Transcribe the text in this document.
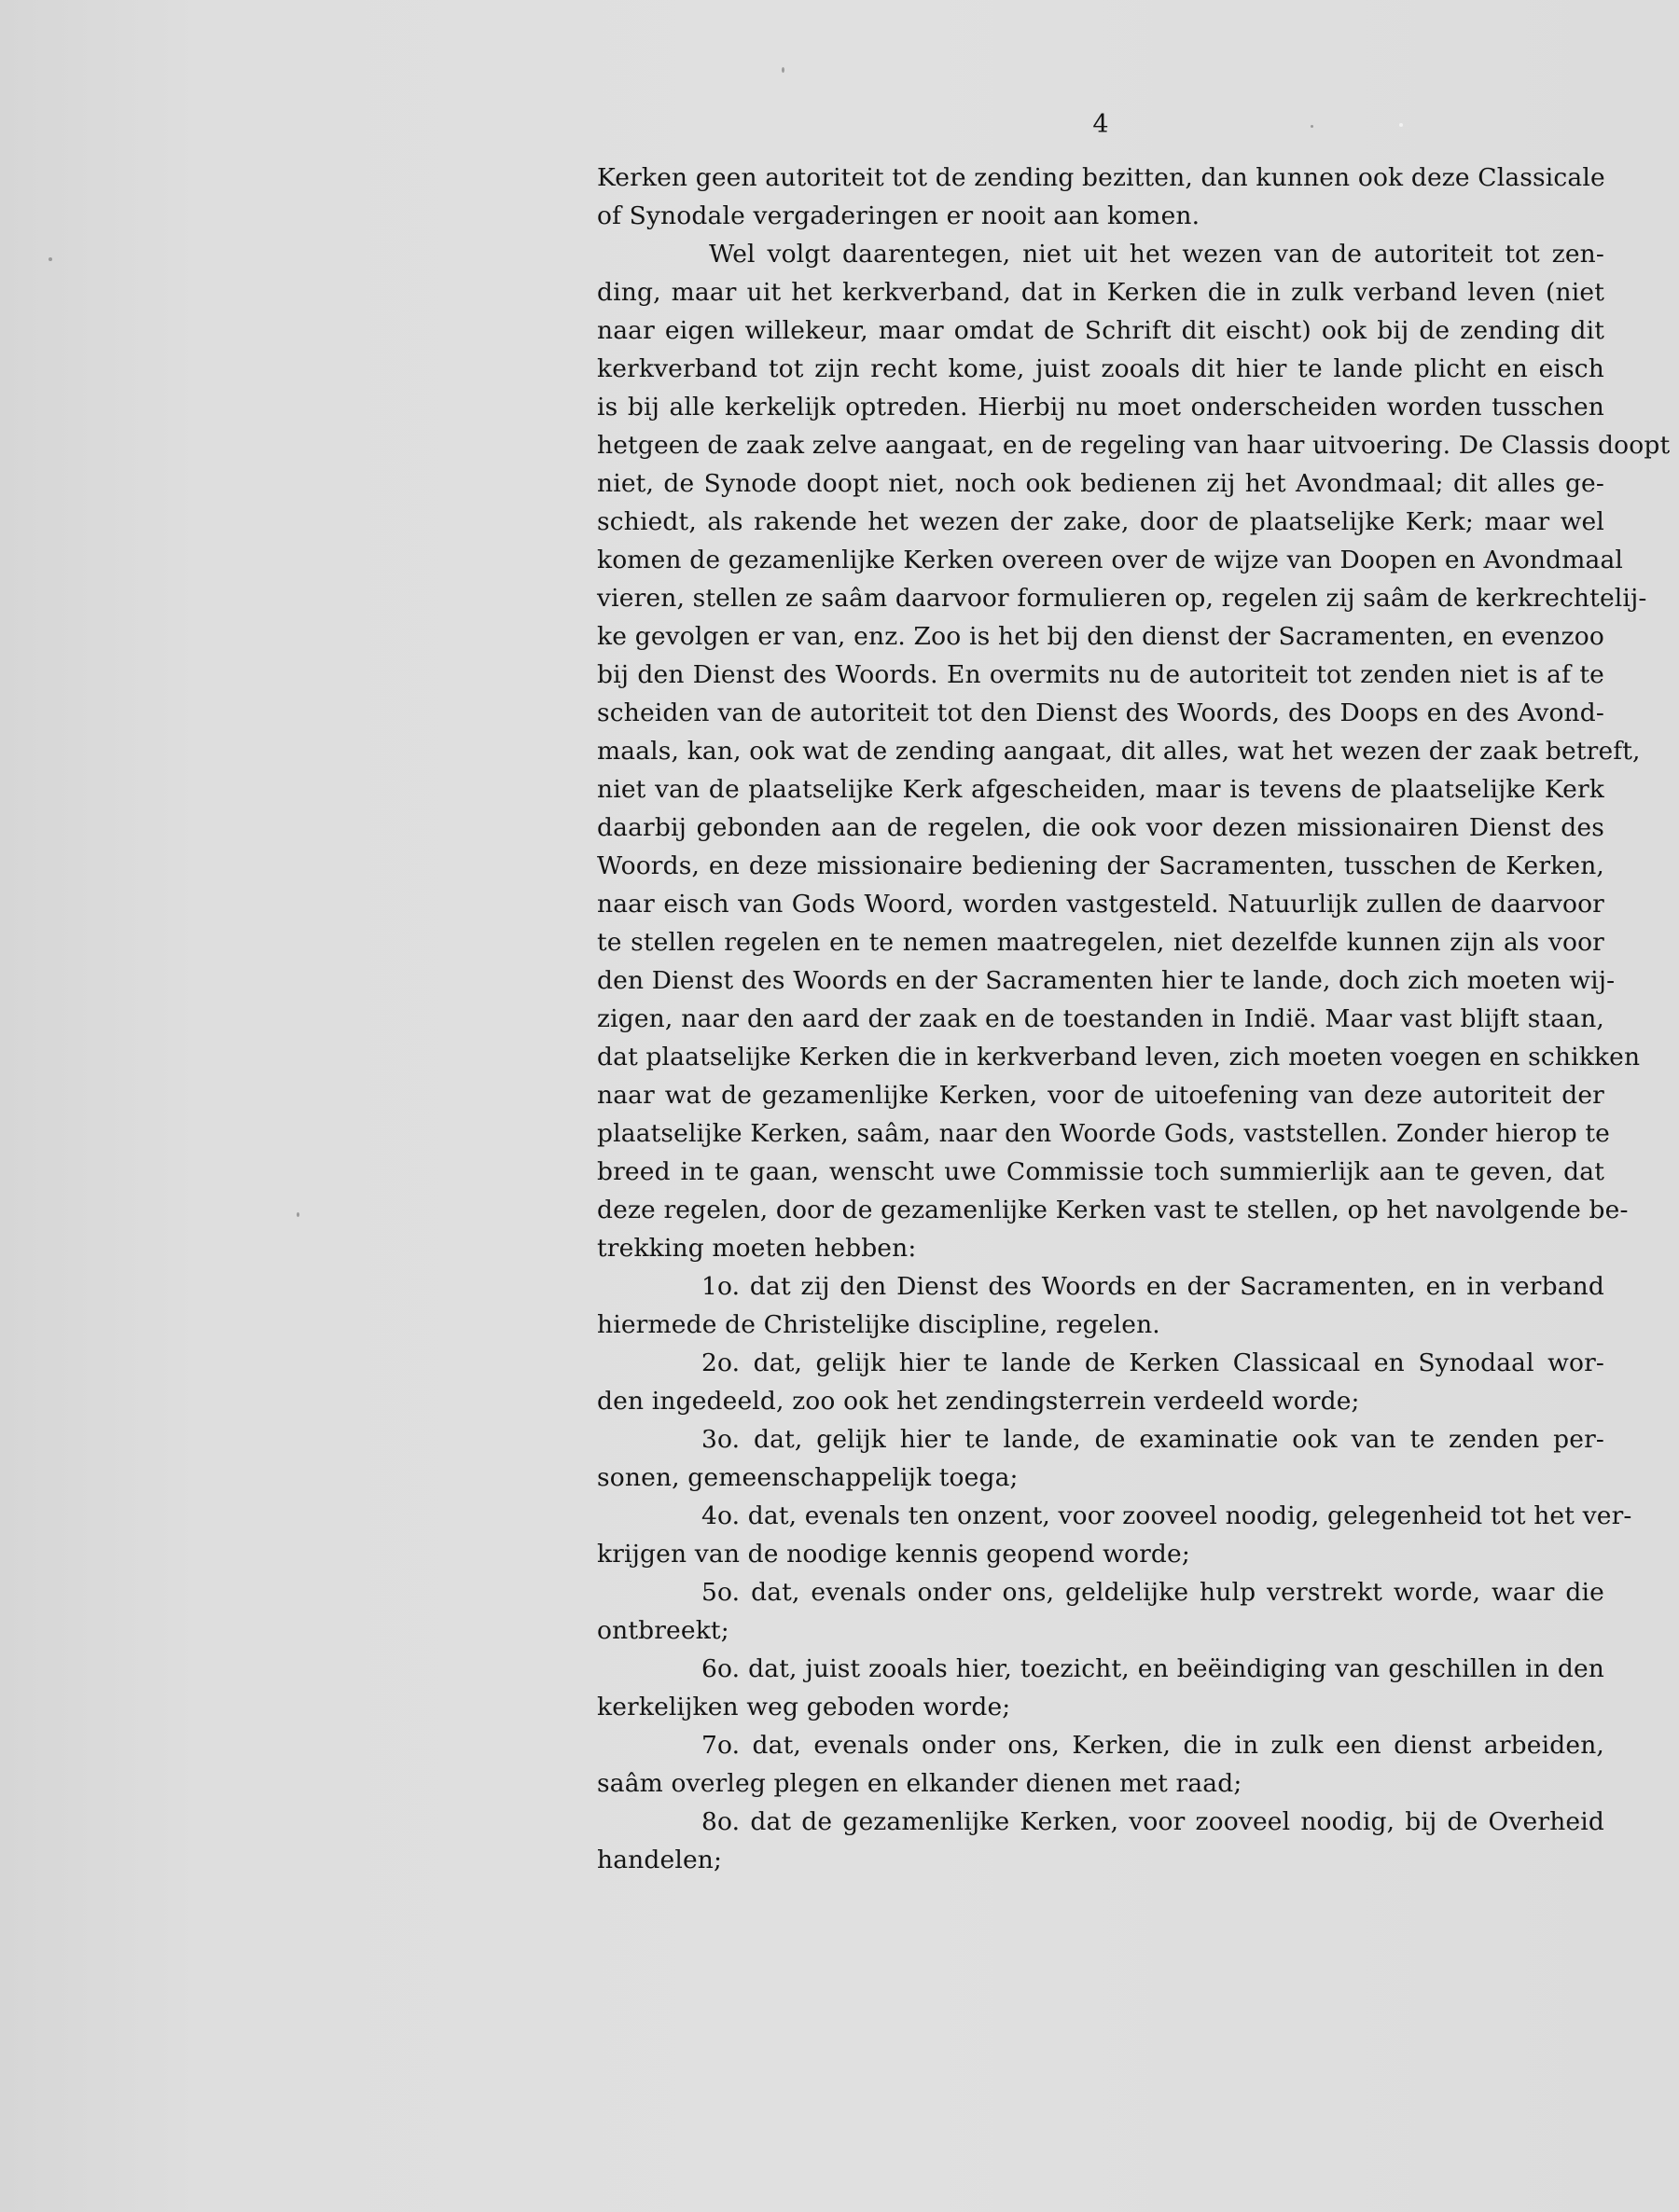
4
Kerken geen autoriteit tot de zending bezitten, dan kunnen ook deze Classicale
of Synodale vergaderingen er nooit aan komen.
Wel volgt daarentegen, niet uit het wezen van de autoriteit tot zen-
ding, maar uit het kerkverband, dat in Kerken die in zulk verband leven (niet
naar eigen willekeur, maar omdat de Schrift dit eischt) ook bij de zending dit
kerkverband tot zijn recht kome, juist zooals dit hier te lande plicht en eisch
is bij alle kerkelijk optreden. Hierbij nu moet onderscheiden worden tusschen
hetgeen de zaak zelve aangaat, en de regeling van haar uitvoering. De Classis doopt
niet, de Synode doopt niet, noch ook bedienen zij het Avondmaal; dit alles ge-
schiedt, als rakende het wezen der zake, door de plaatselijke Kerk; maar wel
komen de gezamenlijke Kerken overeen over de wijze van Doopen en Avondmaal
vieren, stellen ze saâm daarvoor formulieren op, regelen zij saâm de kerkrechtelij-
ke gevolgen er van, enz. Zoo is het bij den dienst der Sacramenten, en evenzoo
bij den Dienst des Woords. En overmits nu de autoriteit tot zenden niet is af te
scheiden van de autoriteit tot den Dienst des Woords, des Doops en des Avond-
maals, kan, ook wat de zending aangaat, dit alles, wat het wezen der zaak betreft,
niet van de plaatselijke Kerk afgescheiden, maar is tevens de plaatselijke Kerk
daarbij gebonden aan de regelen, die ook voor dezen missionairen Dienst des
Woords, en deze missionaire bediening der Sacramenten, tusschen de Kerken,
naar eisch van Gods Woord, worden vastgesteld. Natuurlijk zullen de daarvoor
te stellen regelen en te nemen maatregelen, niet dezelfde kunnen zijn als voor
den Dienst des Woords en der Sacramenten hier te lande, doch zich moeten wij-
zigen, naar den aard der zaak en de toestanden in Indië. Maar vast blijft staan,
dat plaatselijke Kerken die in kerkverband leven, zich moeten voegen en schikken
naar wat de gezamenlijke Kerken, voor de uitoefening van deze autoriteit der
plaatselijke Kerken, saâm, naar den Woorde Gods, vaststellen. Zonder hierop te
breed in te gaan, wenscht uwe Commissie toch summierlijk aan te geven, dat
deze regelen, door de gezamenlijke Kerken vast te stellen, op het navolgende be-
trekking moeten hebben:
1o. dat zij den Dienst des Woords en der Sacramenten, en in verband
hiermede de Christelijke discipline, regelen.
2o. dat, gelijk hier te lande de Kerken Classicaal en Synodaal wor-
den ingedeeld, zoo ook het zendingsterrein verdeeld worde;
3o. dat, gelijk hier te lande, de examinatie ook van te zenden per-
sonen, gemeenschappelijk toega;
4o. dat, evenals ten onzent, voor zooveel noodig, gelegenheid tot het ver-
krijgen van de noodige kennis geopend worde;
5o. dat, evenals onder ons, geldelijke hulp verstrekt worde, waar die
ontbreekt;
6o. dat, juist zooals hier, toezicht, en beëindiging van geschillen in den
kerkelijken weg geboden worde;
7o. dat, evenals onder ons, Kerken, die in zulk een dienst arbeiden,
saâm overleg plegen en elkander dienen met raad;
8o. dat de gezamenlijke Kerken, voor zooveel noodig, bij de Overheid
handelen;
